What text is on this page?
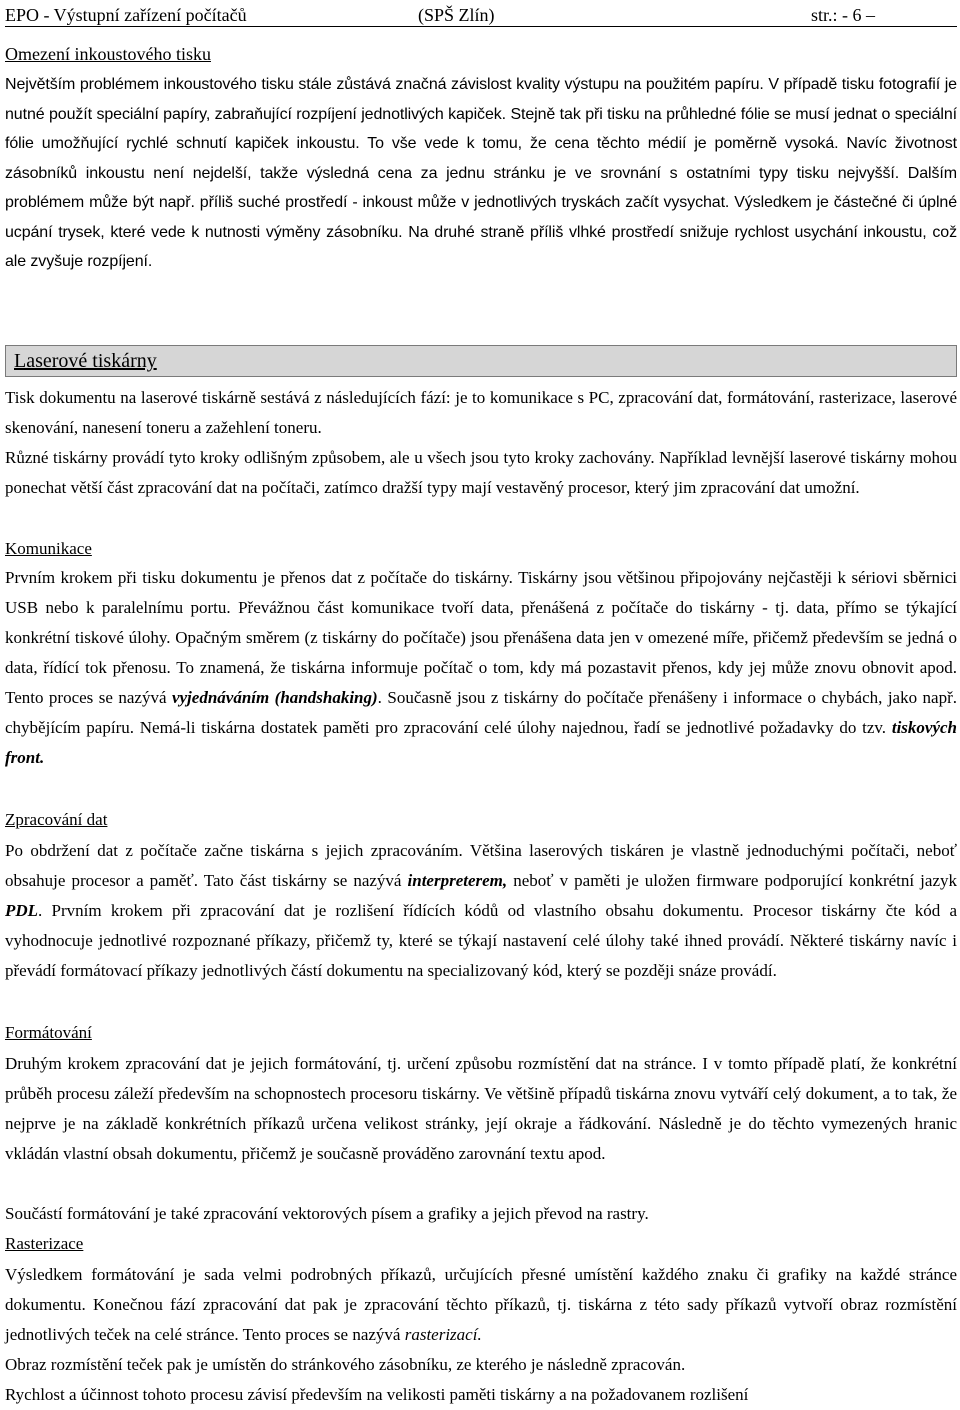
EPO - Výstupní zařízení počítačů	(SPŠ Zlín)	str.: - 6 –
Omezení inkoustového tisku
Největším problémem inkoustového tisku stále zůstává značná závislost kvality výstupu na použitém papíru. V případě tisku fotografií je nutné použít speciální papíry, zabraňující rozpíjení jednotlivých kapiček. Stejně tak při tisku na průhledné fólie se musí jednat o speciální fólie umožňující rychlé schnutí kapiček inkoustu. To vše vede k tomu, že cena těchto médií je poměrně vysoká. Navíc životnost zásobníků inkoustu není nejdelší, takže výsledná cena za jednu stránku je ve srovnání s ostatními typy tisku nejvyšší. Dalším problémem může být např. příliš suché prostředí - inkoust může v jednotlivých tryskách začít vysychat. Výsledkem je částečné či úplné ucpání trysek, které vede k nutnosti výměny zásobníku. Na druhé straně příliš vlhké prostředí snižuje rychlost usychání inkoustu, což ale zvyšuje rozpíjení.
Laserové tiskárny
Tisk dokumentu na laserové tiskárně sestává z následujících fází: je to komunikace s PC, zpracování dat, formátování, rasterizace, laserové skenování, nanesení toneru a zažehlení toneru.
Různé tiskárny provádí tyto kroky odlišným způsobem, ale u všech jsou tyto kroky zachovány. Například levnější laserové tiskárny mohou ponechat větší část zpracování dat na počítači, zatímco dražší typy mají vestavěný procesor, který jim zpracování dat umožní.
Komunikace
Prvním krokem při tisku dokumentu je přenos dat z počítače do tiskárny. Tiskárny jsou většinou připojovány nejčastěji k sériovi sběrnici USB nebo k paralelnímu portu. Převážnou část komunikace tvoří data, přenášená z počítače do tiskárny - tj. data, přímo se týkající konkrétní tiskové úlohy. Opačným směrem (z tiskárny do počítače) jsou přenášena data jen v omezené míře, přičemž především se jedná o data, řídící tok přenosu. To znamená, že tiskárna informuje počítač o tom, kdy má pozastavit přenos, kdy jej může znovu obnovit apod. Tento proces se nazývá vyjednáváním (handshaking). Současně jsou z tiskárny do počítače přenášeny i informace o chybách, jako např. chybějícím papíru. Nemá-li tiskárna dostatek paměti pro zpracování celé úlohy najednou, řadí se jednotlivé požadavky do tzv. tiskových front.
Zpracování dat
Po obdržení dat z počítače začne tiskárna s jejich zpracováním. Většina laserových tiskáren je vlastně jednoduchými počítači, neboť obsahuje procesor a paměť. Tato část tiskárny se nazývá interpreterem, neboť v paměti je uložen firmware podporující konkrétní jazyk PDL. Prvním krokem při zpracování dat je rozlišení řídících kódů od vlastního obsahu dokumentu. Procesor tiskárny čte kód a vyhodnocuje jednotlivé rozpoznané příkazy, přičemž ty, které se týkají nastavení celé úlohy také ihned provádí. Některé tiskárny navíc i převádí formátovací příkazy jednotlivých částí dokumentu na specializovaný kód, který se později snáze provádí.
Formátování
Druhým krokem zpracování dat je jejich formátování, tj. určení způsobu rozmístění dat na stránce. I v tomto případě platí, že konkrétní průběh procesu záleží především na schopnostech procesoru tiskárny. Ve většině případů tiskárna znovu vytváří celý dokument, a to tak, že nejprve je na základě konkrétních příkazů určena velikost stránky, její okraje a řádkování. Následně je do těchto vymezených hranic vkládán vlastní obsah dokumentu, přičemž je současně prováděno zarovnání textu apod.
Součástí formátování je také zpracování vektorových písem a grafiky a jejich převod na rastry.
Rasterizace
Výsledkem formátování je sada velmi podrobných příkazů, určujících přesné umístění každého znaku či grafiky na každé stránce dokumentu. Konečnou fází zpracování dat pak je zpracování těchto příkazů, tj. tiskárna z této sady příkazů vytvoří obraz rozmístění jednotlivých teček na celé stránce. Tento proces se nazývá rasterizací.
Obraz rozmístění teček pak je umístěn do stránkového zásobníku, ze kterého je následně zpracován.
Rychlost a účinnost tohoto procesu závisí především na velikosti paměti tiskárny a na požadovanem rozlišení
